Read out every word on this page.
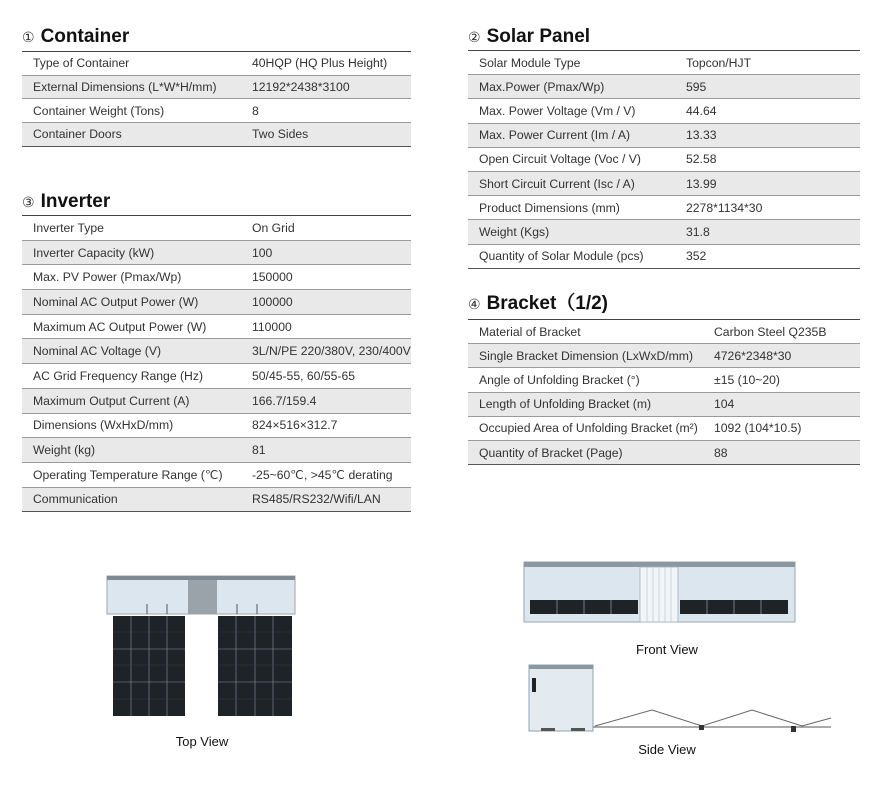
① Container
Type of Container	40HQP (HQ Plus Height)
External Dimensions (L*W*H/mm)	12192*2438*3100
Container Weight (Tons)	8
Container Doors	Two Sides
③ Inverter
Inverter Type	On Grid
Inverter Capacity (kW)	100
Max. PV Power (Pmax/Wp)	150000
Nominal AC Output Power (W)	100000
Maximum AC Output Power (W)	110000
Nominal AC Voltage (V)	3L/N/PE 220/380V, 230/400V
AC Grid Frequency Range (Hz)	50/45-55, 60/55-65
Maximum Output Current (A)	166.7/159.4
Dimensions (WxHxD/mm)	824×516×312.7
Weight (kg)	81
Operating Temperature Range (℃)	-25~60℃, >45℃ derating
Communication	RS485/RS232/Wifi/LAN
② Solar Panel
Solar Module Type	Topcon/HJT
Max.Power (Pmax/Wp)	595
Max. Power Voltage (Vm / V)	44.64
Max. Power Current (Im / A)	13.33
Open Circuit Voltage (Voc / V)	52.58
Short Circuit Current (Isc / A)	13.99
Product Dimensions (mm)	2278*1134*30
Weight (Kgs)	31.8
Quantity of Solar Module (pcs)	352
④ Bracket（1/2)
Material of Bracket	Carbon Steel Q235B
Single Bracket Dimension (LxWxD/mm)	4726*2348*30
Angle of Unfolding Bracket (°)	±15 (10~20)
Length of Unfolding Bracket (m)	104
Occupied Area of Unfolding Bracket (m²)	1092 (104*10.5)
Quantity of Bracket (Page)	88
Top View
Front View
Side View
